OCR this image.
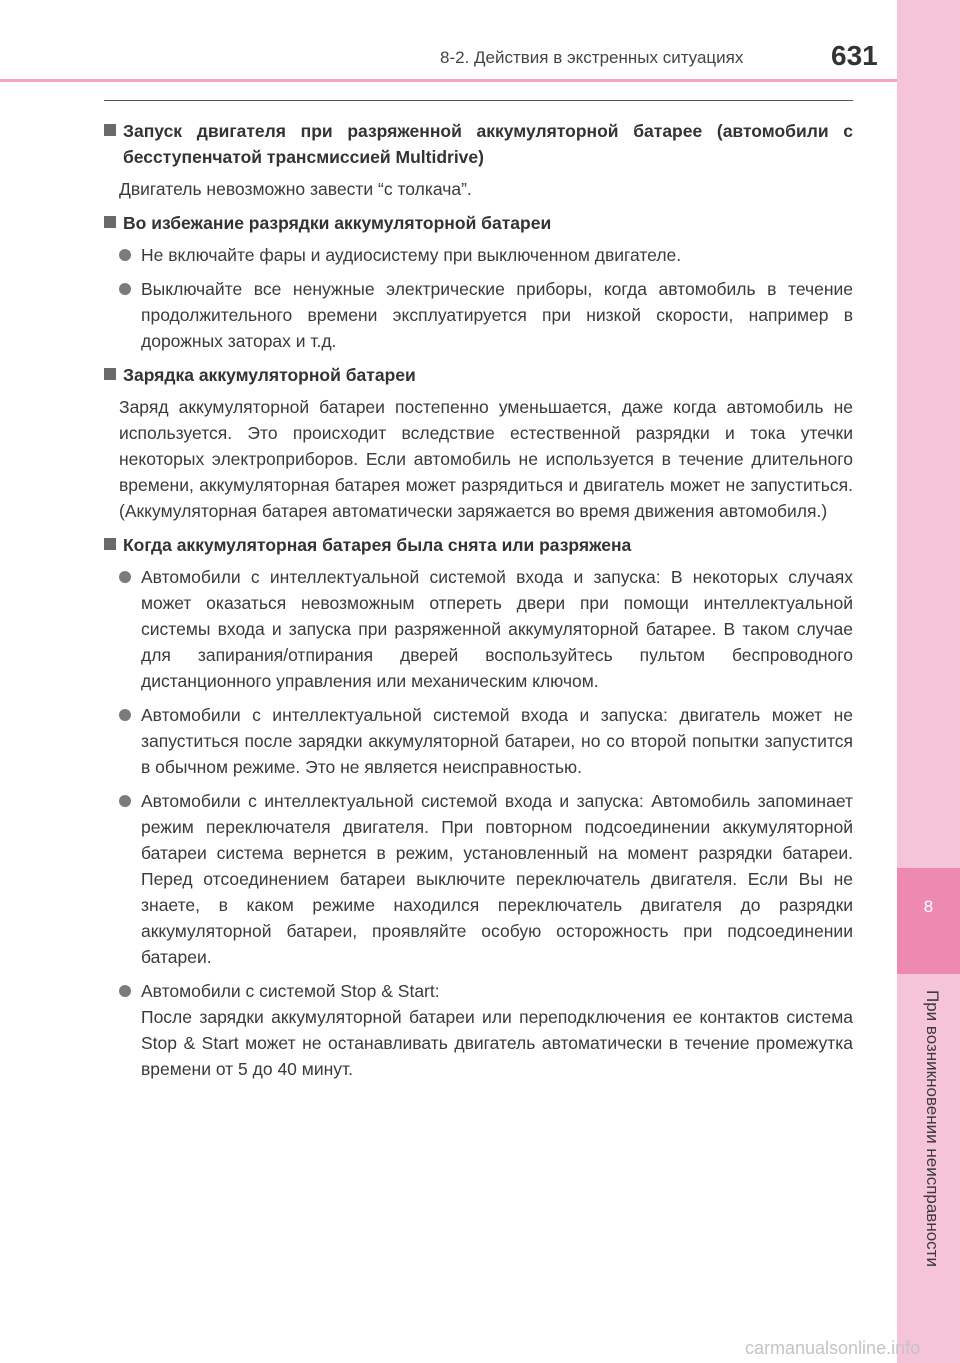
8-2. Действия в экстренных ситуациях	631
8
При возникновении неисправности
Запуск двигателя при разряженной аккумуляторной батарее (автомобили с бесступенчатой трансмиссией Multidrive)
Двигатель невозможно завести “с толкача”.
Во избежание разрядки аккумуляторной батареи
Не включайте фары и аудиосистему при выключенном двигателе.
Выключайте все ненужные электрические приборы, когда автомобиль в течение продолжительного времени эксплуатируется при низкой скорости, например в дорожных заторах и т.д.
Зарядка аккумуляторной батареи
Заряд аккумуляторной батареи постепенно уменьшается, даже когда автомобиль не используется. Это происходит вследствие естественной разрядки и тока утечки некоторых электроприборов. Если автомобиль не используется в течение длительного времени, аккумуляторная батарея может разрядиться и двигатель может не запуститься. (Аккумуляторная батарея автоматически заряжается во время движения автомобиля.)
Когда аккумуляторная батарея была снята или разряжена
Автомобили с интеллектуальной системой входа и запуска: В некоторых случаях может оказаться невозможным отпереть двери при помощи интеллектуальной системы входа и запуска при разряженной аккумуляторной батарее. В таком случае для запирания/отпирания дверей воспользуйтесь пультом беспроводного дистанционного управления или механическим ключом.
Автомобили с интеллектуальной системой входа и запуска: двигатель может не запуститься после зарядки аккумуляторной батареи, но со второй попытки запустится в обычном режиме. Это не является неисправностью.
Автомобили с интеллектуальной системой входа и запуска: Автомобиль запоминает режим переключателя двигателя. При повторном подсоединении аккумуляторной батареи система вернется в режим, установленный на момент разрядки батареи. Перед отсоединением батареи выключите переключатель двигателя. Если Вы не знаете, в каком режиме находился переключатель двигателя до разрядки аккумуляторной батареи, проявляйте особую осторожность при подсоединении батареи.
Автомобили с системой Stop & Start:
После зарядки аккумуляторной батареи или переподключения ее контактов система Stop & Start может не останавливать двигатель автоматически в течение промежутка времени от 5 до 40 минут.
carmanualsonline.info
